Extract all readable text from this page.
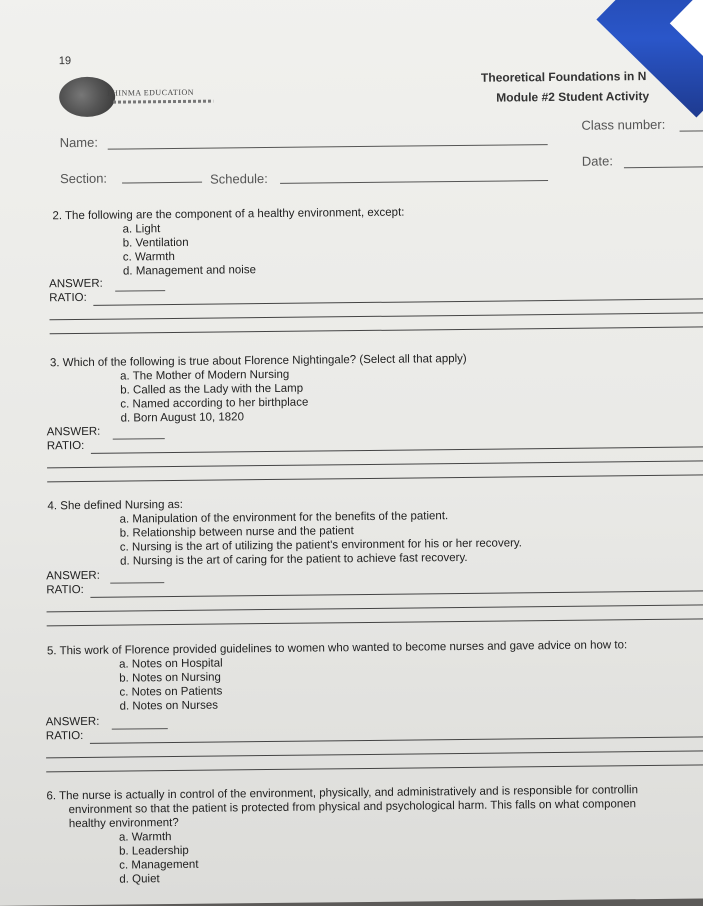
19
PHINMA EDUCATION
Theoretical Foundations in N
Module #2 Student Activity
Name:
Class number:
Section:	Schedule:
Date:
2. The following are the component of a healthy environment, except:
a. Light
b. Ventilation
c. Warmth
d. Management and noise
ANSWER:
RATIO:
3. Which of the following is true about Florence Nightingale? (Select all that apply)
a. The Mother of Modern Nursing
b. Called as the Lady with the Lamp
c. Named according to her birthplace
d. Born August 10, 1820
ANSWER:
RATIO:
4. She defined Nursing as:
a. Manipulation of the environment for the benefits of the patient.
b. Relationship between nurse and the patient
c. Nursing is the art of utilizing the patient's environment for his or her recovery.
d. Nursing is the art of caring for the patient to achieve fast recovery.
ANSWER:
RATIO:
5. This work of Florence provided guidelines to women who wanted to become nurses and gave advice on how to:
a. Notes on Hospital
b. Notes on Nursing
c. Notes on Patients
d. Notes on Nurses
ANSWER:
RATIO:
6. The nurse is actually in control of the environment, physically, and administratively and is responsible for controllin
environment so that the patient is protected from physical and psychological harm. This falls on what componen
healthy environment?
a. Warmth
b. Leadership
c. Management
d. Quiet
